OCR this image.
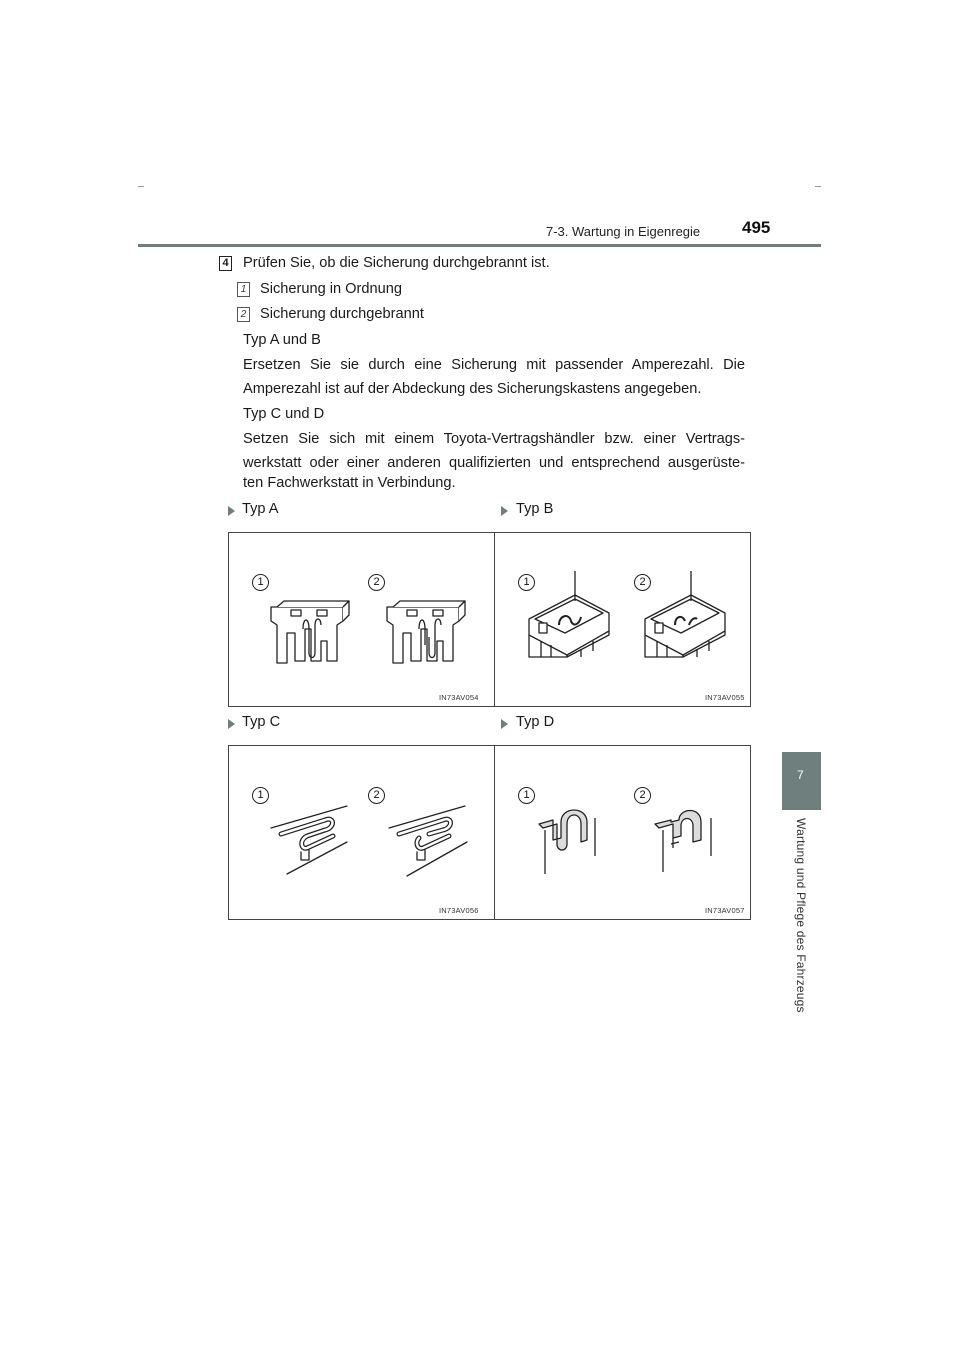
7-3. Wartung in Eigenregie 495
7
Wartung und Pflege des Fahrzeugs
4 Prüfen Sie, ob die Sicherung durchgebrannt ist.
1 Sicherung in Ordnung
2 Sicherung durchgebrannt
Typ A und B
Ersetzen Sie sie durch eine Sicherung mit passender Amperezahl. Die
Amperezahl ist auf der Abdeckung des Sicherungskastens angegeben.
Typ C und D
Setzen Sie sich mit einem Toyota-Vertragshändler bzw. einer Vertrags-
werkstatt oder einer anderen qualifizierten und entsprechend ausgerüste-
ten Fachwerkstatt in Verbindung.
Typ A	Typ B
Typ C	Typ D
1	2
IN73AV054
1	2
IN73AV055
1	2
IN73AV056
1	2
IN73AV057
